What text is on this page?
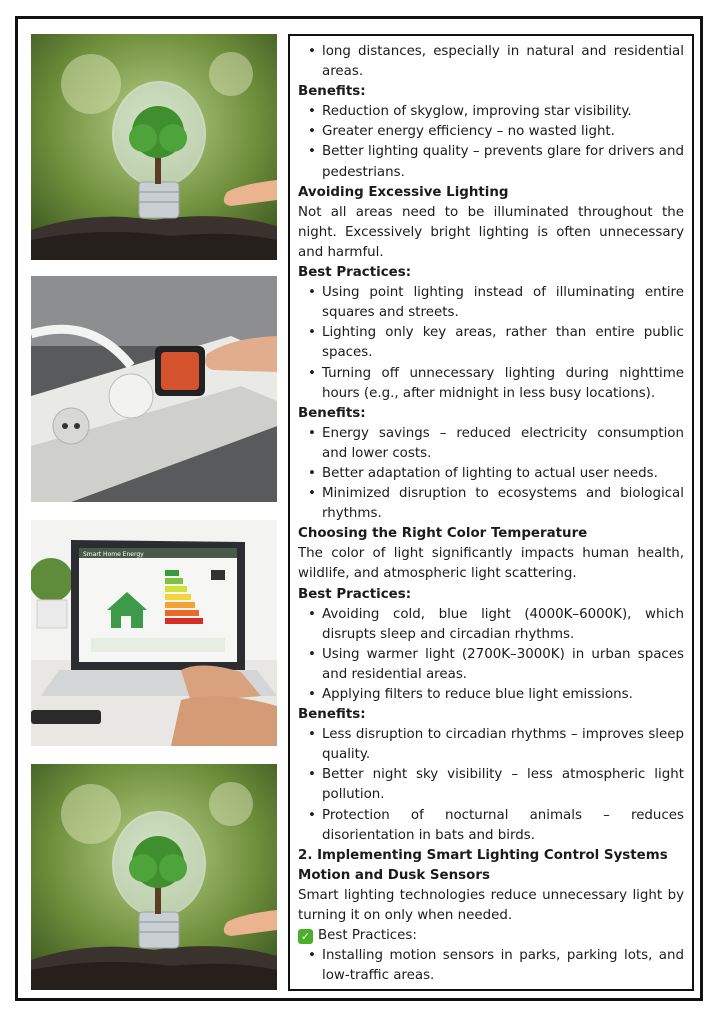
Smart Home Energy
• long distances, especially in natural and residential areas.
Benefits:
• Reduction of skyglow, improving star visibility.
• Greater energy efficiency – no wasted light.
• Better lighting quality – prevents glare for drivers and pedestrians.
Avoiding Excessive Lighting

Not all areas need to be illuminated throughout the night. Excessively bright lighting is often unnecessary and harmful.

Best Practices:
• Using point lighting instead of illuminating entire squares and streets.
• Lighting only key areas, rather than entire public spaces.
• Turning off unnecessary lighting during nighttime hours (e.g., after midnight in less busy locations).
Benefits:
• Energy savings – reduced electricity consumption and lower costs.
• Better adaptation of lighting to actual user needs.
• Minimized disruption to ecosystems and biological rhythms.
Choosing the Right Color Temperature

The color of light significantly impacts human health, wildlife, and atmospheric light scattering.

Best Practices:
• Avoiding cold, blue light (4000K–6000K), which disrupts sleep and circadian rhythms.
• Using warmer light (2700K–3000K) in urban spaces and residential areas.
• Applying filters to reduce blue light emissions.
Benefits:
• Less disruption to circadian rhythms – improves sleep quality.
• Better night sky visibility – less atmospheric light pollution.
• Protection of nocturnal animals – reduces disorientation in bats and birds.
2. Implementing Smart Lighting Control Systems
Motion and Dusk Sensors

Smart lighting technologies reduce unnecessary light by turning it on only when needed.

✓ Best Practices:

• Installing motion sensors in parks, parking lots, and low-traffic areas.
